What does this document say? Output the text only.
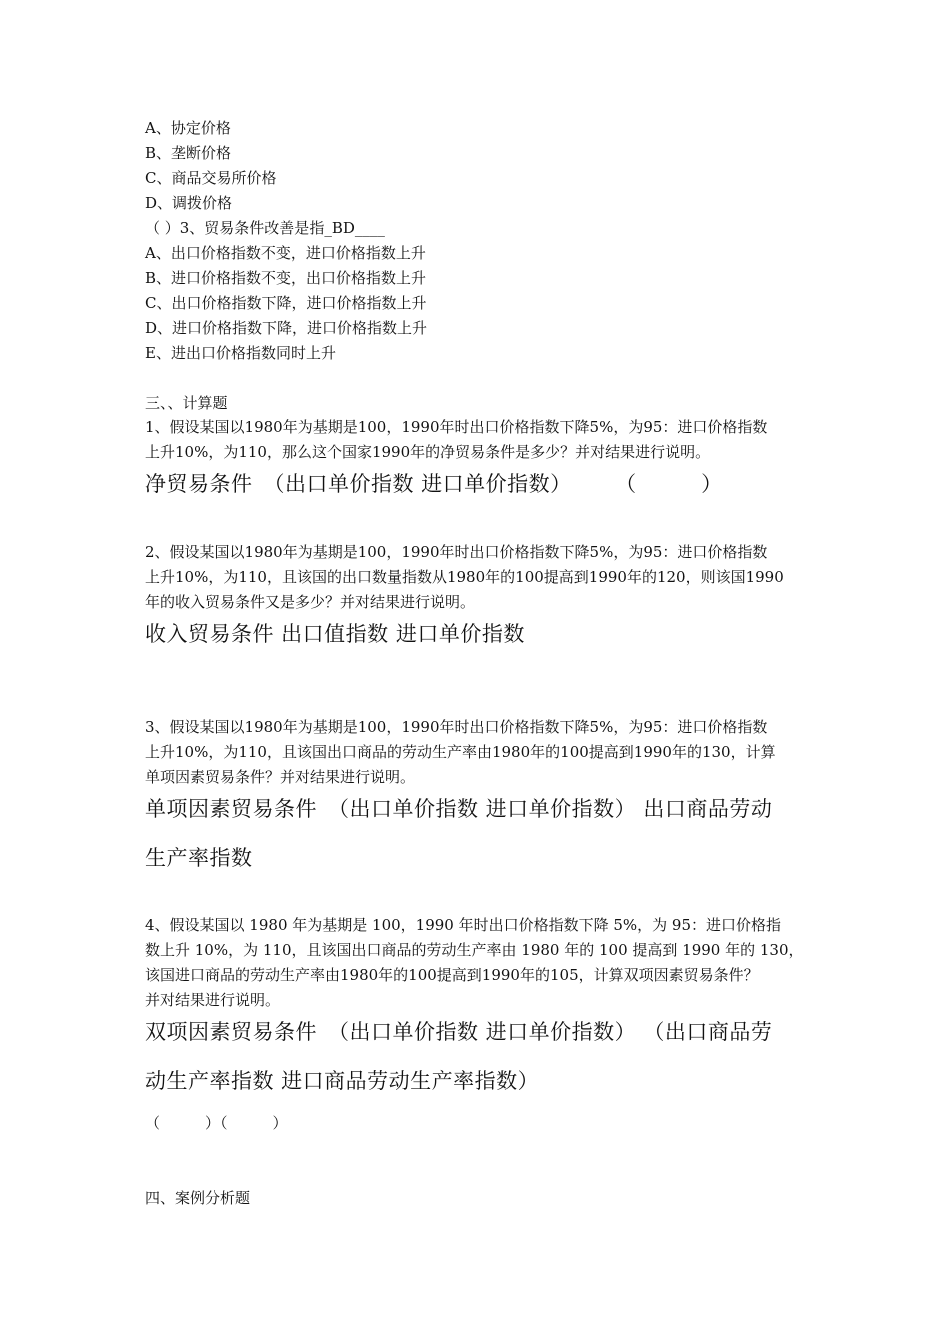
A、协定价格
B、垄断价格
C、商品交易所价格
D、调拨价格
（ ）3、贸易条件改善是指_BD____
A、出口价格指数不变，进口价格指数上升
B、进口价格指数不变，出口价格指数上升
C、出口价格指数下降，进口价格指数上升
D、进口价格指数下降，进口价格指数上升
E、进出口价格指数同时上升
三、、计算题
1、假设某国以1980年为基期是100，1990年时出口价格指数下降5%，为95：进口价格指数
上升10%，为110，那么这个国家1990年的净贸易条件是多少？并对结果进行说明。
净贸易条件　（出口单价指数 进口单价指数）　　　（　　　）
2、假设某国以1980年为基期是100，1990年时出口价格指数下降5%，为95：进口价格指数
上升10%，为110，且该国的出口数量指数从1980年的100提高到1990年的120，则该国1990
年的收入贸易条件又是多少？并对结果进行说明。
收入贸易条件 出口值指数 进口单价指数
3、假设某国以1980年为基期是100，1990年时出口价格指数下降5%，为95：进口价格指数
上升10%，为110，且该国出口商品的劳动生产率由1980年的100提高到1990年的130，计算
单项因素贸易条件？并对结果进行说明。
单项因素贸易条件　（出口单价指数 进口单价指数） 出口商品劳动
生产率指数
4、假设某国以 1980 年为基期是 100，1990 年时出口价格指数下降 5%，为 95：进口价格指
数上升 10%，为 110，且该国出口商品的劳动生产率由 1980 年的 100 提高到 1990 年的 130，
该国进口商品的劳动生产率由1980年的100提高到1990年的105，计算双项因素贸易条件？
并对结果进行说明。
双项因素贸易条件　（出口单价指数 进口单价指数） （出口商品劳
动生产率指数 进口商品劳动生产率指数）
（　　　）（　　　）
四、案例分析题
